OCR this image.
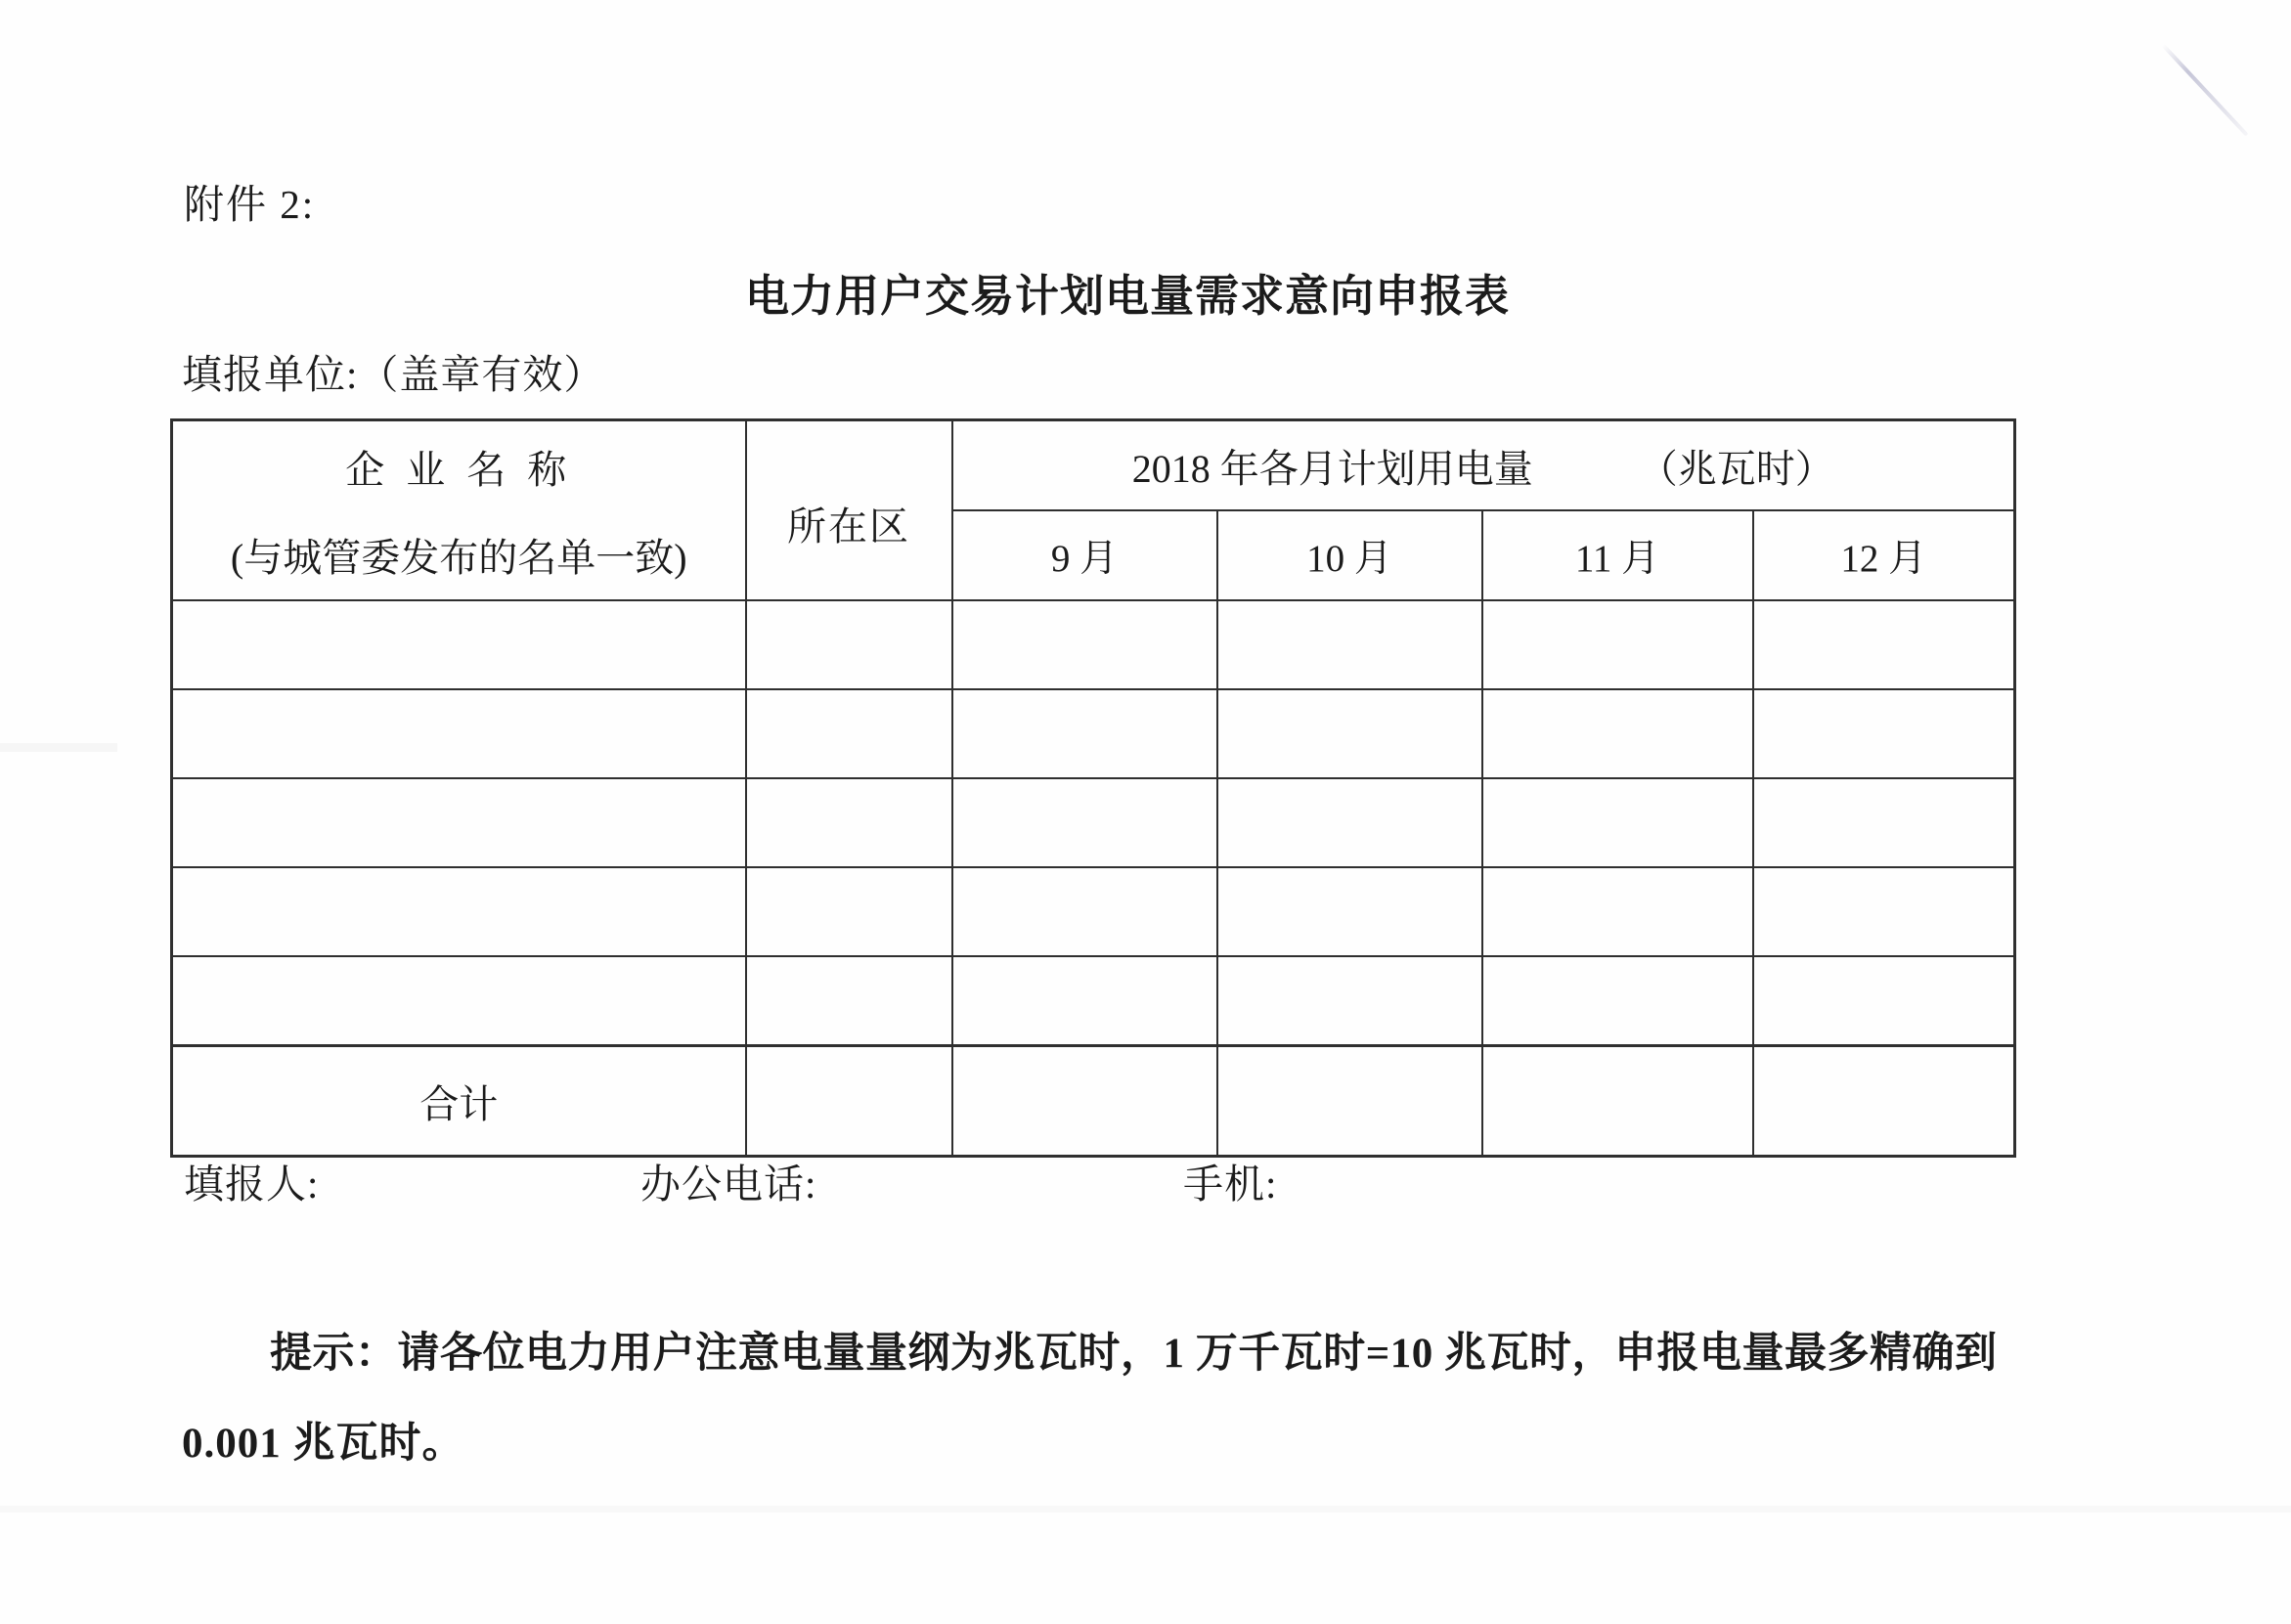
附件 2:
电力用户交易计划电量需求意向申报表
填报单位:（盖章有效）
企 业 名 称
(与城管委发布的名单一致)	所在区	2018 年各月计划用电量 （兆瓦时）			
		9 月	10 月	11 月	12 月

合计					
填报人:	办公电话:	手机:
提示：请各位电力用户注意电量量纲为兆瓦时，1 万千瓦时=10 兆瓦时，申报电量最多精确到
0.001 兆瓦时。
